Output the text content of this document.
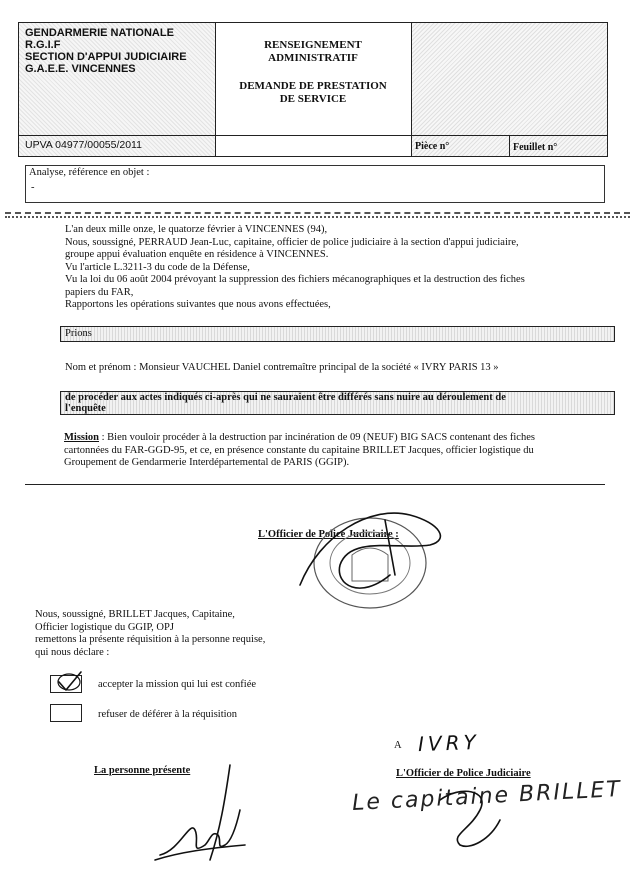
GENDARMERIE NATIONALE
R.G.I.F
SECTION D'APPUI JUDICIAIRE
G.A.E.E. VINCENNES
RENSEIGNEMENT
ADMINISTRATIF
DEMANDE DE PRESTATION
DE SERVICE
UPVA 04977/00055/2011	Pièce n°	Feuillet n°
Analyse, référence en objet :
-
L'an deux mille onze, le quatorze février à VINCENNES (94),
Nous, soussigné, PERRAUD Jean-Luc, capitaine, officier de police judiciaire à la section d'appui judiciaire,
groupe appui évaluation enquête en résidence à VINCENNES.
Vu l'article L.3211-3 du code de la Défense,
Vu la loi du 06 août 2004 prévoyant la suppression des fichiers mécanographiques et la destruction des fiches
papiers du FAR,
Rapportons les opérations suivantes que nous avons effectuées,
Prions
Nom et prénom : Monsieur VAUCHEL Daniel contremaître principal de la société « IVRY PARIS 13 »
de procéder aux actes indiqués ci-après qui ne sauraient être différés sans nuire au déroulement de
l'enquête
Mission : Bien vouloir procéder à la destruction par incinération de 09 (NEUF) BIG SACS contenant des fiches
cartonnées du FAR-GGD-95, et ce, en présence constante du capitaine BRILLET Jacques, officier logistique du
Groupement de Gendarmerie Interdépartemental de PARIS (GGIP).
L'Officier de Police Judiciaire :
Nous, soussigné, BRILLET Jacques, Capitaine,
Officier logistique du GGIP, OPJ
remettons la présente réquisition à la personne requise,
qui nous déclare :
accepter la mission qui lui est confiée
refuser de déférer à la réquisition
A IVRY
La personne présente	L'Officier de Police Judiciaire
Le capitaine BRILLET
